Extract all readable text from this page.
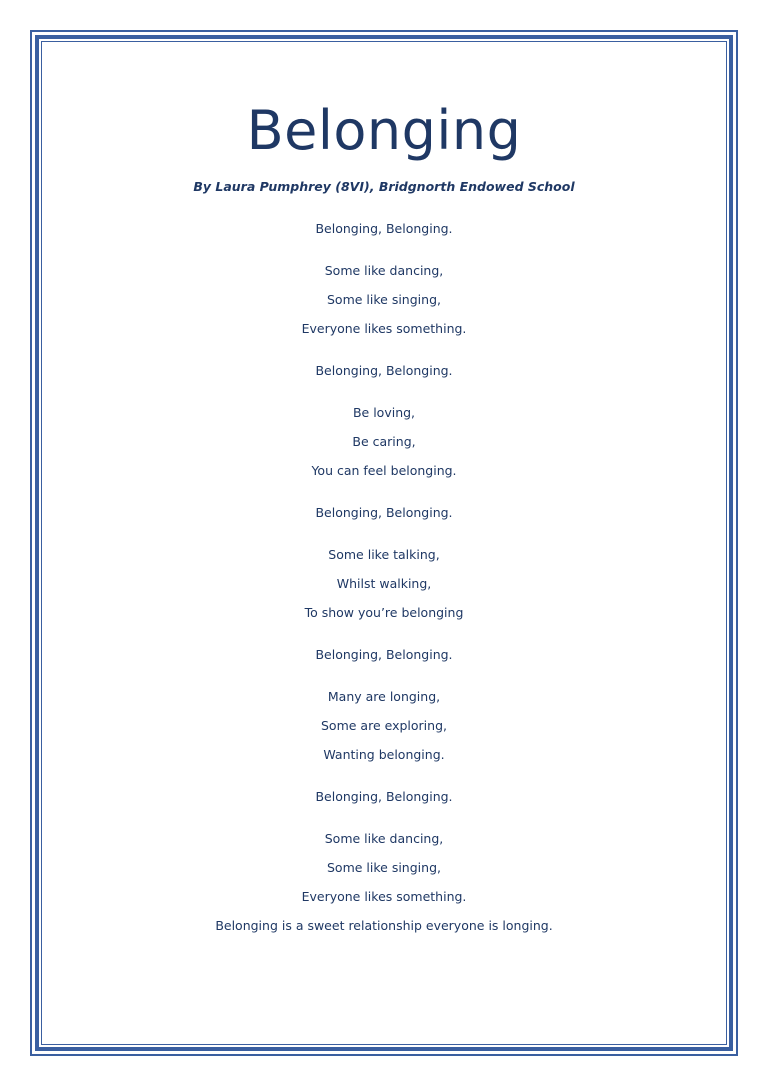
Belonging
By Laura Pumphrey (8VI), Bridgnorth Endowed School
Belonging, Belonging.
Some like dancing,
Some like singing,
Everyone likes something.
Belonging, Belonging.
Be loving,
Be caring,
You can feel belonging.
Belonging, Belonging.
Some like talking,
Whilst walking,
To show you’re belonging
Belonging, Belonging.
Many are longing,
Some are exploring,
Wanting belonging.
Belonging, Belonging.
Some like dancing,
Some like singing,
Everyone likes something.
Belonging is a sweet relationship everyone is longing.
